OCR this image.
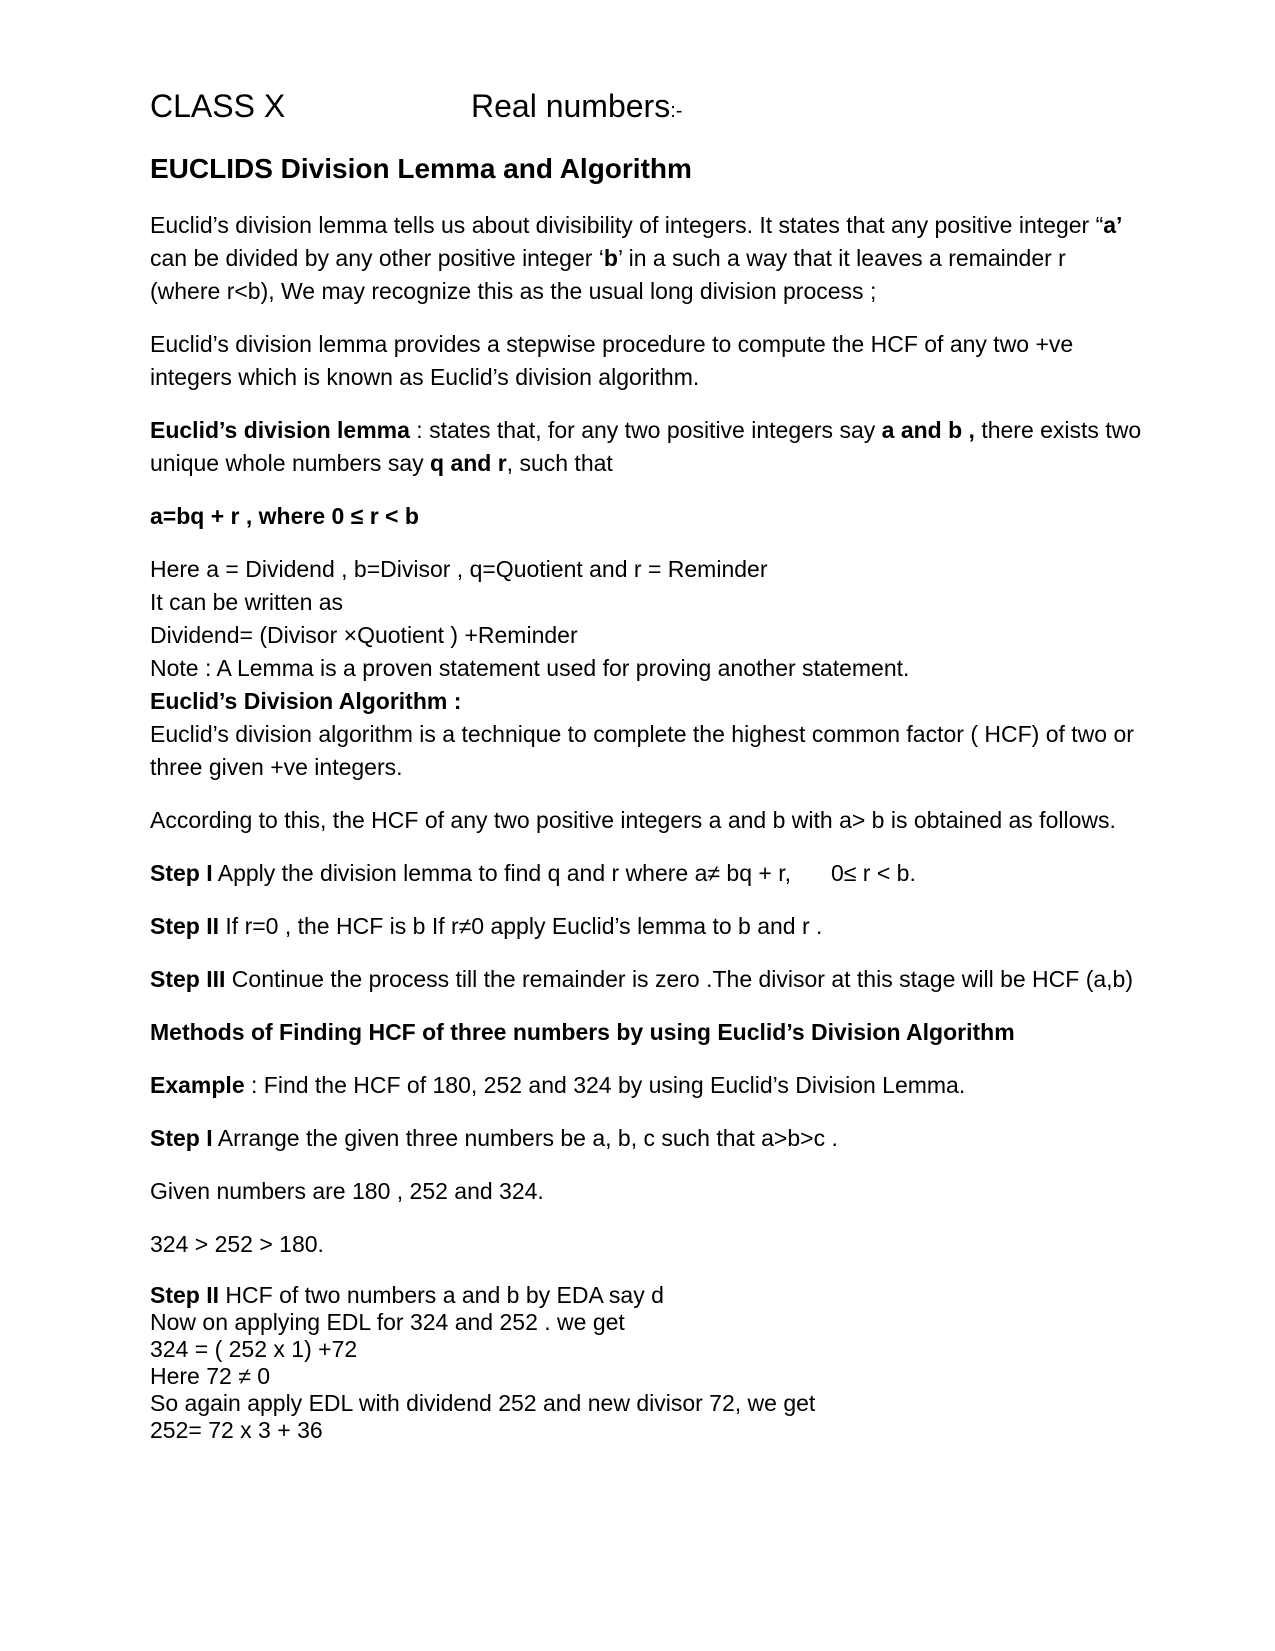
CLASS X	Real numbers:-
EUCLIDS Division Lemma and Algorithm

Euclid’s division lemma tells us about divisibility of integers. It states that any positive integer “a’ can be divided by any other positive integer ‘b’ in a such a way that it leaves a remainder r(where r<b), We may recognize this as the usual long division process ;

Euclid’s division lemma provides a stepwise procedure to compute the HCF of any two +ve integers which is known as Euclid’s division algorithm.

Euclid’s division lemma : states that, for any two positive integers say a and b , there exists two unique whole numbers say q and r, such that

a=bq + r , where 0 ≤ r < b

Here a = Dividend , b=Divisor , q=Quotient and r = Reminder

It can be written as

Dividend= (Divisor ×Quotient ) +Reminder

Note : A Lemma is a proven statement used for proving another statement.

Euclid’s Division Algorithm :

Euclid’s division algorithm is a technique to complete the highest common factor ( HCF) of two or three given +ve integers.

According to this, the HCF of any two positive integers a and b with a> b is obtained as follows.

Step I Apply the division lemma to find q and r where a≠ bq + r, 0≤ r < b.

Step II If r=0 , the HCF is b If r≠0 apply Euclid’s lemma to b and r .

Step III Continue the process till the remainder is zero .The divisor at this stage will be HCF (a,b)

Methods of Finding HCF of three numbers by using Euclid’s Division Algorithm

Example : Find the HCF of 180, 252 and 324 by using Euclid’s Division Lemma.

Step I Arrange the given three numbers be a, b, c such that a>b>c .

Given numbers are 180 , 252 and 324.

324 > 252 > 180.

Step II HCF of two numbers a and b by EDA say d

Now on applying EDL for 324 and 252 . we get

324 = ( 252 x 1) +72

Here 72 ≠ 0

So again apply EDL with dividend 252 and new divisor 72, we get

252= 72 x 3 + 36
